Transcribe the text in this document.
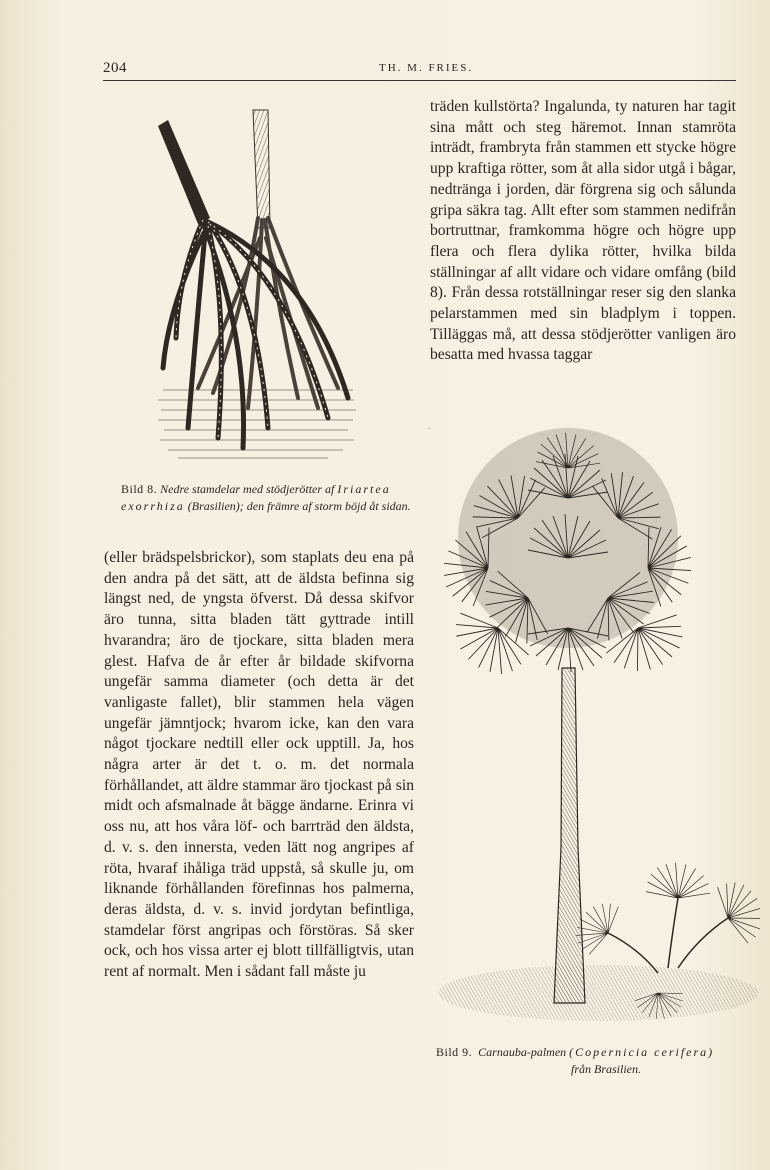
204	TH. M. FRIES.

träden kullstörta? Ingalunda, ty naturen har tagit sina mått och steg häremot. Innan stamröta inträdt, frambryta från stammen ett stycke högre upp kraftiga rötter, som åt alla sidor utgå i bågar, nedtränga i jorden, där förgrena sig och sålunda gripa säkra tag. Allt efter som stammen nedifrån bortruttnar, framkomma högre och högre upp flera och flera dylika rötter, hvilka bilda ställningar af allt vidare och vidare omfång (bild 8). Från dessa rotställningar reser sig den slanka pelarstammen med sin bladplym i toppen. Tilläggas må, att dessa stödjerötter vanligen äro besatta med hvassa taggar

Bild 8. Nedre stamdelar med stödjerötter af Iriartea exorrhiza (Brasilien); den främre af storm böjd åt sidan.

(eller brädspelsbrickor), som staplats deu ena på den andra på det sätt, att de äldsta befinna sig längst ned, de yngsta öfverst. Då dessa skifvor äro tunna, sitta bladen tätt gyttrade intill hvarandra; äro de tjockare, sitta bladen mera glest. Hafva de år efter år bildade skifvorna ungefär samma diameter (och detta är det vanligaste fallet), blir stammen hela vägen ungefär jämntjock; hvarom icke, kan den vara något tjockare nedtill eller ock upptill. Ja, hos några arter är det t. o. m. det normala förhållandet, att äldre stammar äro tjockast på sin midt och afsmalnade åt bägge ändarne. Erinra vi oss nu, att hos våra löf- och barrträd den äldsta, d. v. s. den innersta, veden lätt nog angripes af röta, hvaraf ihåliga träd uppstå, så skulle ju, om liknande förhållanden förefinnas hos palmerna, deras äldsta, d. v. s. invid jordytan befintliga, stamdelar först angripas och förstöras. Så sker ock, och hos vissa arter ej blott tillfälligtvis, utan rent af normalt. Men i sådant fall måste ju

Bild 9. Carnauba-palmen (Copernicia cerifera)

från Brasilien.
